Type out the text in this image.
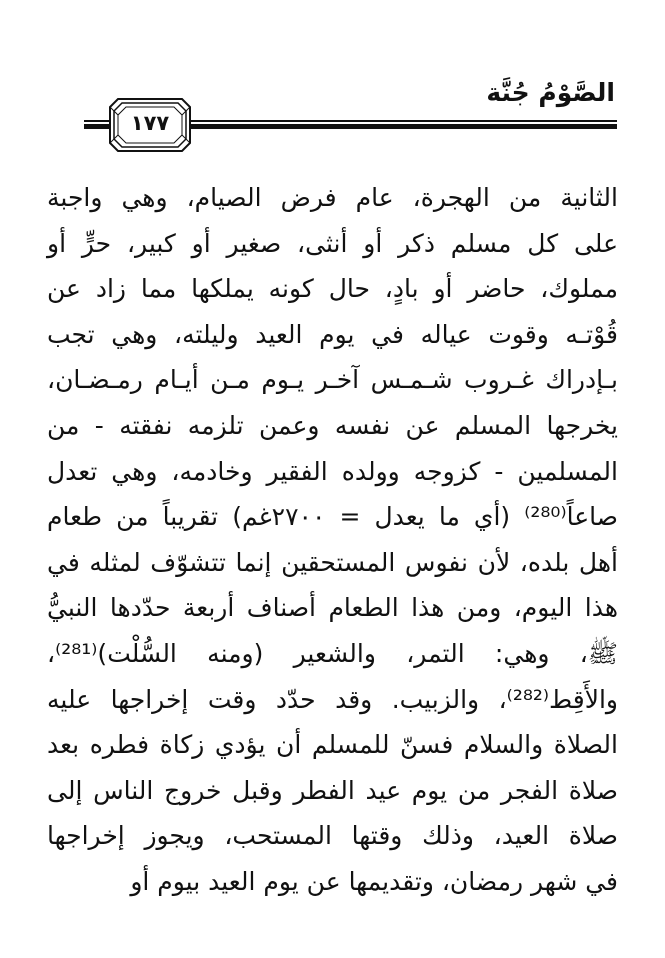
الصَّوْمُ جُنَّة
١٧٧
الثانية من الهجرة، عام فرض الصيام، وهي واجبة
على كل مسلم ذكر أو أنثى، صغير أو كبير، حرٍّ أو
مملوك، حاضر أو بادٍ، حال كونه يملكها مما زاد عن
قُوْتـه وقوت عياله في يوم العيد وليلته، وهي تجب
بـإدراك غـروب شـمـس آخـر يـوم مـن أيـام رمـضـان،
يخرجها المسلم عن نفسه وعمن تلزمه نفقته - من
المسلمين - كزوجه وولده الفقير وخادمه، وهي تعدل
صاعاً⁽²⁸⁰⁾ (أي ما يعدل = ٢٧٠٠غم) تقريباً من طعام
أهل بلده، لأن نفوس المستحقين إنما تتشوّف لمثله في
هذا اليوم، ومن هذا الطعام أصناف أربعة حدّدها النبيُّ
ﷺ، وهي: التمر، والشعير (ومنه السُّلْت)⁽²⁸¹⁾،
والأَقِط⁽²⁸²⁾، والزبيب. وقد حدّد وقت إخراجها عليه
الصلاة والسلام فسنّ للمسلم أن يؤدي زكاة فطره بعد
صلاة الفجر من يوم عيد الفطر وقبل خروج الناس إلى
صلاة العيد، وذلك وقتها المستحب، ويجوز إخراجها
في شهر رمضان، وتقديمها عن يوم العيد بيوم أو
